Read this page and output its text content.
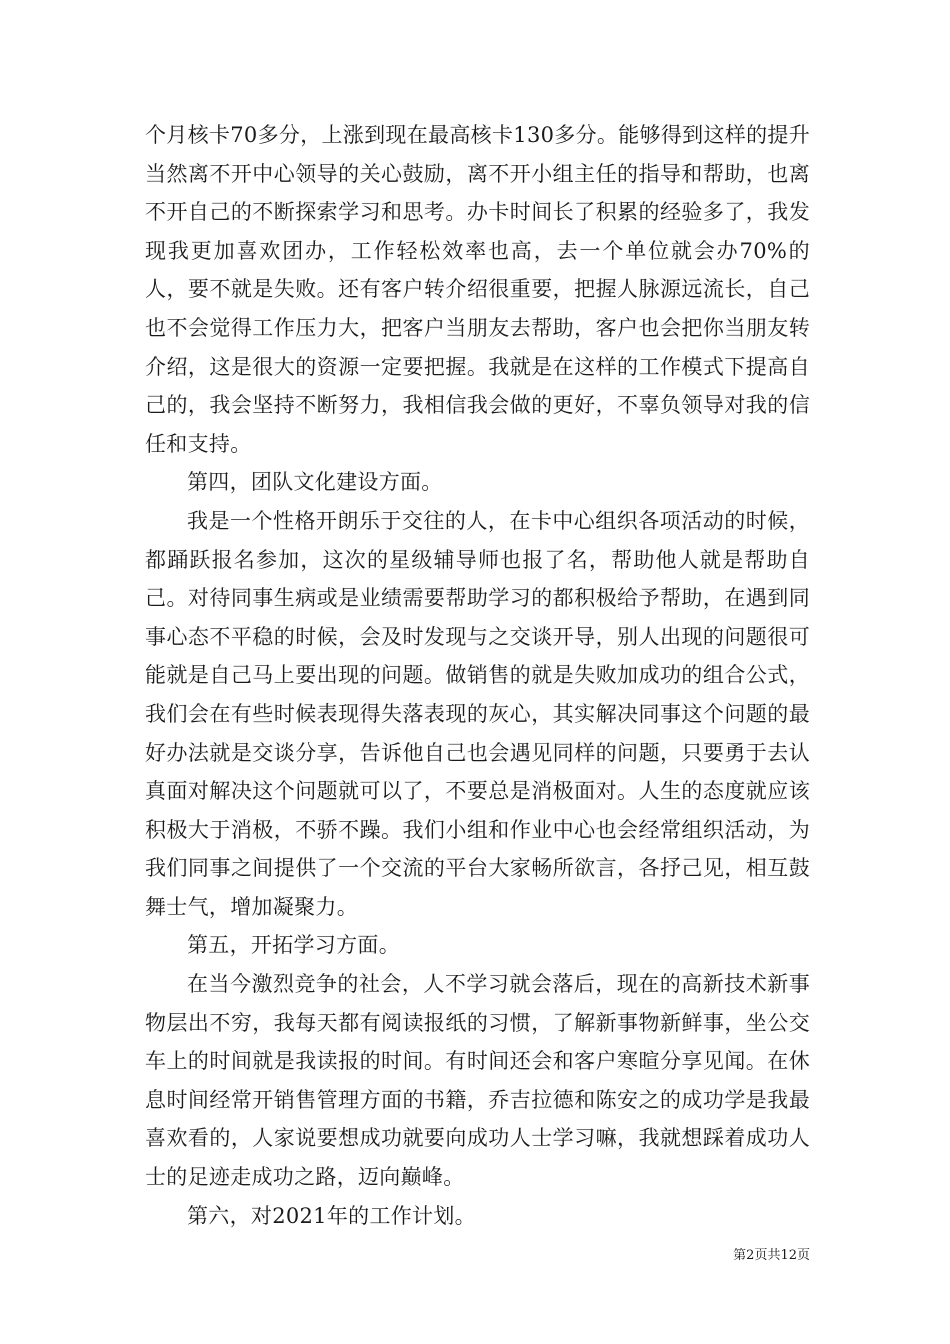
个月核卡70多分，上涨到现在最高核卡130多分。能够得到这样的提升当然离不开中心领导的关心鼓励，离不开小组主任的指导和帮助，也离不开自己的不断探索学习和思考。办卡时间长了积累的经验多了，我发现我更加喜欢团办，工作轻松效率也高，去一个单位就会办70%的人，要不就是失败。还有客户转介绍很重要，把握人脉源远流长，自己也不会觉得工作压力大，把客户当朋友去帮助，客户也会把你当朋友转介绍，这是很大的资源一定要把握。我就是在这样的工作模式下提高自己的，我会坚持不断努力，我相信我会做的更好，不辜负领导对我的信任和支持。

第四，团队文化建设方面。

我是一个性格开朗乐于交往的人，在卡中心组织各项活动的时候，都踊跃报名参加，这次的星级辅导师也报了名，帮助他人就是帮助自己。对待同事生病或是业绩需要帮助学习的都积极给予帮助，在遇到同事心态不平稳的时候，会及时发现与之交谈开导，别人出现的问题很可能就是自己马上要出现的问题。做销售的就是失败加成功的组合公式，我们会在有些时候表现得失落表现的灰心，其实解决同事这个问题的最好办法就是交谈分享，告诉他自己也会遇见同样的问题，只要勇于去认真面对解决这个问题就可以了，不要总是消极面对。人生的态度就应该积极大于消极，不骄不躁。我们小组和作业中心也会经常组织活动，为我们同事之间提供了一个交流的平台大家畅所欲言，各抒己见，相互鼓舞士气，增加凝聚力。

第五，开拓学习方面。

在当今激烈竞争的社会，人不学习就会落后，现在的高新技术新事物层出不穷，我每天都有阅读报纸的习惯，了解新事物新鲜事，坐公交车上的时间就是我读报的时间。有时间还会和客户寒暄分享见闻。在休息时间经常开销售管理方面的书籍，乔吉拉德和陈安之的成功学是我最喜欢看的，人家说要想成功就要向成功人士学习嘛，我就想踩着成功人士的足迹走成功之路，迈向巅峰。

第六，对2021年的工作计划。

第2页共12页
